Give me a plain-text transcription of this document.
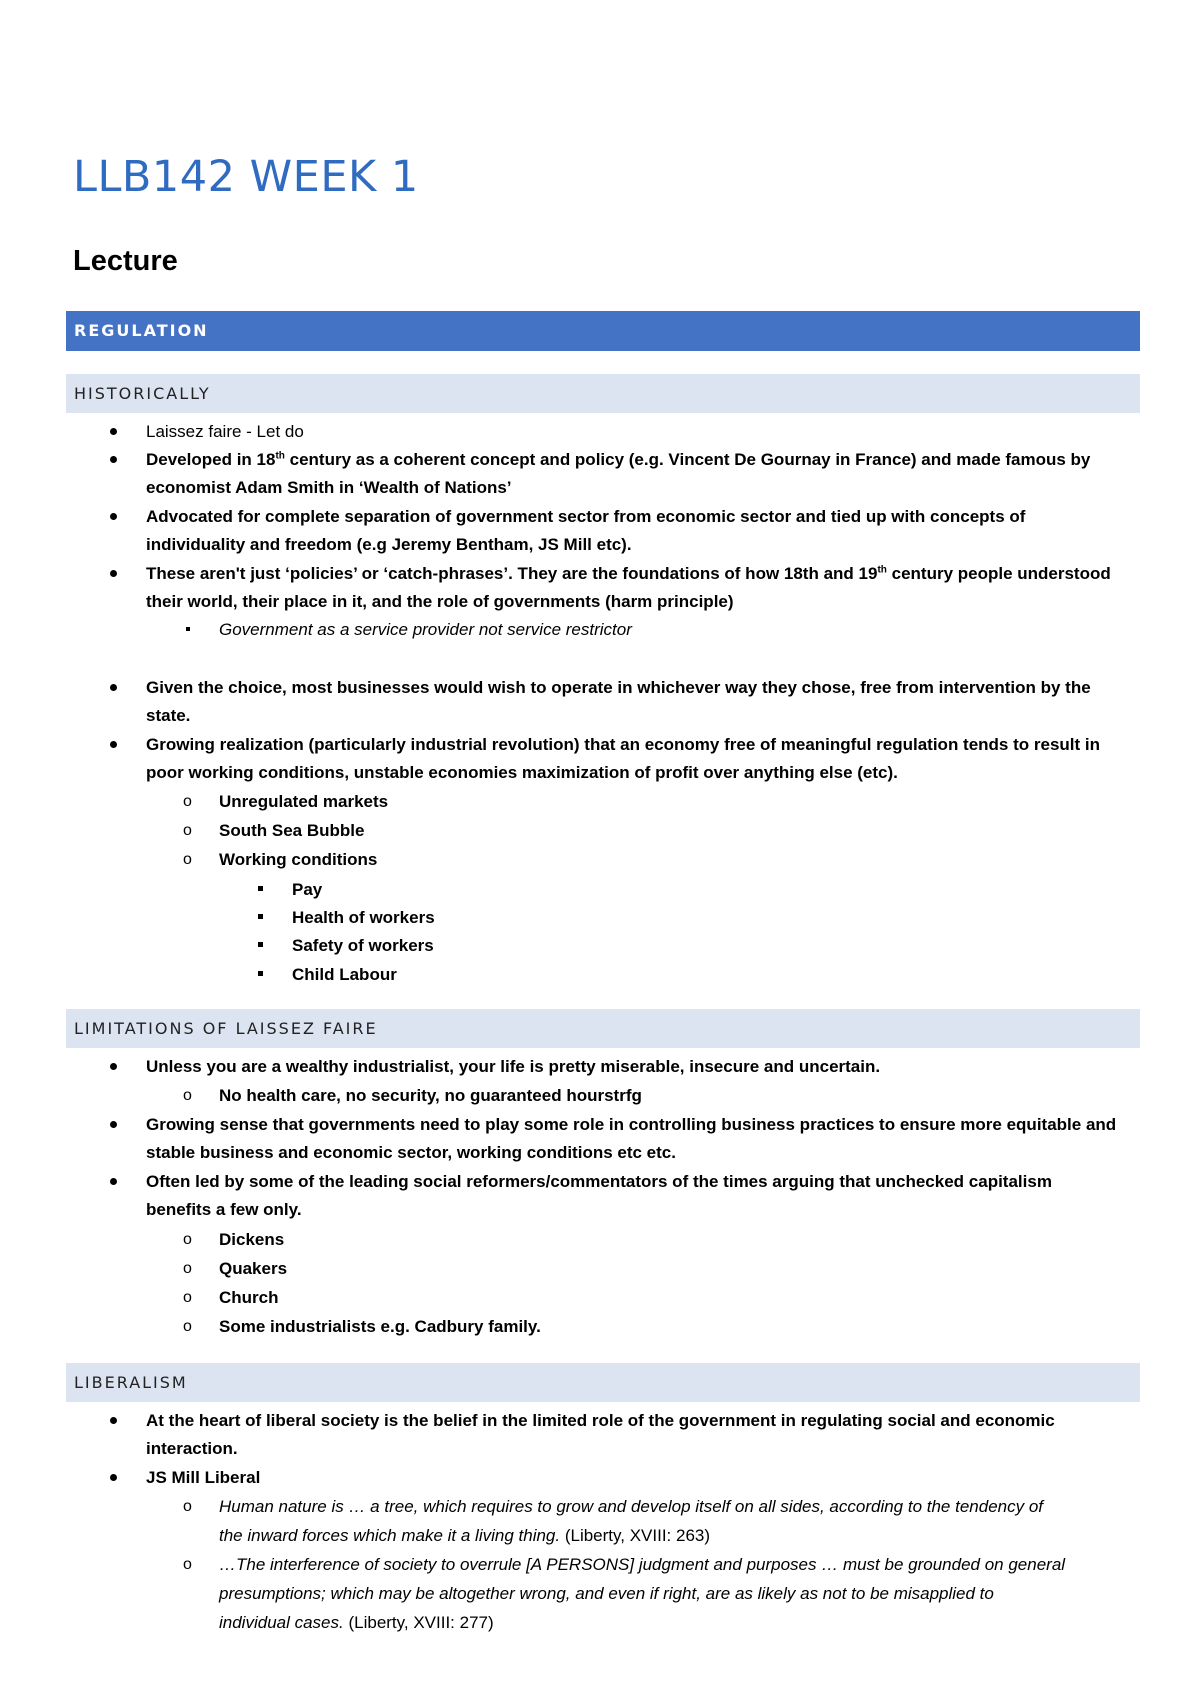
LLB142 WEEK 1
Lecture
REGULATION
HISTORICALLY
Laissez faire - Let do
Developed in 18th century as a coherent concept and policy (e.g. Vincent De Gournay in France) and made famous by
economist Adam Smith in ‘Wealth of Nations’
Advocated for complete separation of government sector from economic sector and tied up with concepts of
individuality and freedom (e.g Jeremy Bentham, JS Mill etc).
These aren't just ‘policies’ or ‘catch-phrases’. They are the foundations of how 18th and 19th century people understood
their world, their place in it, and the role of governments (harm principle)
Government as a service provider not service restrictor
Given the choice, most businesses would wish to operate in whichever way they chose, free from intervention by the
state.
Growing realization (particularly industrial revolution) that an economy free of meaningful regulation tends to result in
poor working conditions, unstable economies maximization of profit over anything else (etc).
o Unregulated markets
o South Sea Bubble
o Working conditions
Pay
Health of workers
Safety of workers
Child Labour
LIMITATIONS OF LAISSEZ FAIRE
Unless you are a wealthy industrialist, your life is pretty miserable, insecure and uncertain.
o No health care, no security, no guaranteed hourstrfg
Growing sense that governments need to play some role in controlling business practices to ensure more equitable and
stable business and economic sector, working conditions etc etc.
Often led by some of the leading social reformers/commentators of the times arguing that unchecked capitalism
benefits a few only.
o Dickens
o Quakers
o Church
o Some industrialists e.g. Cadbury family.
LIBERALISM
At the heart of liberal society is the belief in the limited role of the government in regulating social and economic
interaction.
JS Mill Liberal
o Human nature is … a tree, which requires to grow and develop itself on all sides, according to the tendency of
the inward forces which make it a living thing. (Liberty, XVIII: 263)
o …The interference of society to overrule [A PERSONS] judgment and purposes … must be grounded on general
presumptions; which may be altogether wrong, and even if right, are as likely as not to be misapplied to
individual cases. (Liberty, XVIII: 277)
